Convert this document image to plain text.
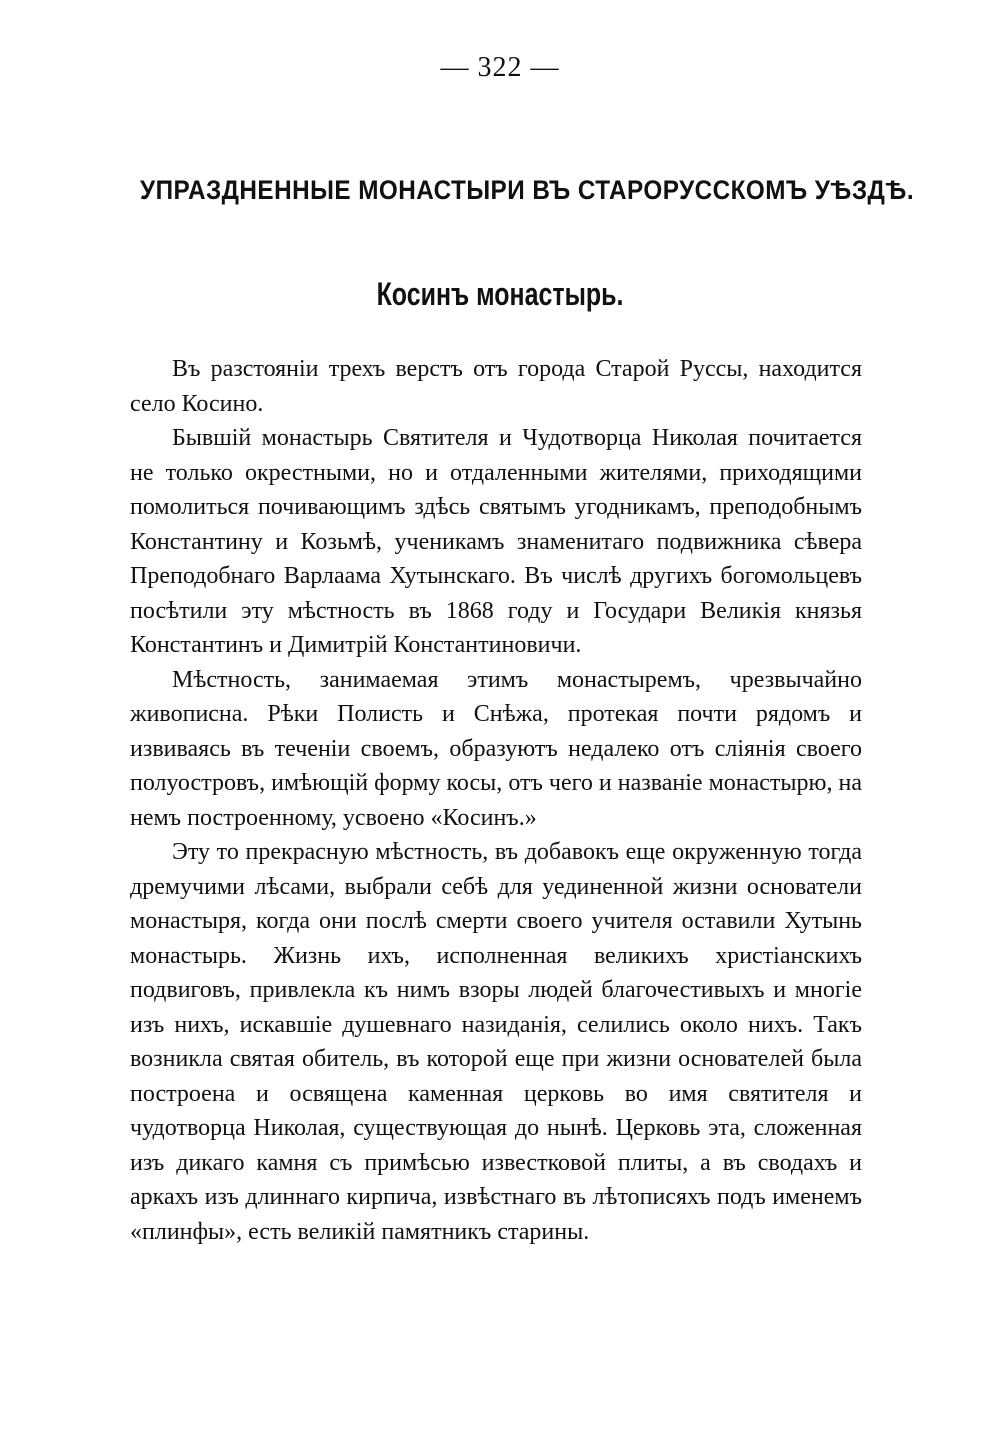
— 322 —
УПРАЗДНЕННЫЕ МОНАСТЫРИ ВЪ СТАРОРУССКОМЪ УѢЗДѢ.
Косинъ монастырь.

Въ разстояніи трехъ верстъ отъ города Старой Руссы, находится село Косино.

Бывшій монастырь Святителя и Чудотворца Николая почитается не только окрестными, но и отдаленными жителями, приходящими помолиться почивающимъ здѣсь святымъ угодникамъ, преподобнымъ Константину и Козьмѣ, ученикамъ знаменитаго подвижника сѣвера Преподобнаго Варлаама Хутынскаго. Въ числѣ другихъ богомольцевъ посѣтили эту мѣстность въ 1868 году и Государи Великія князья Константинъ и Димитрій Константиновичи.

Мѣстность, занимаемая этимъ монастыремъ, чрезвычайно живописна. Рѣки Полисть и Снѣжа, протекая почти рядомъ и извиваясь въ теченіи своемъ, образуютъ недалеко отъ сліянія своего полуостровъ, имѣющій форму косы, отъ чего и названіе монастырю, на немъ построенному, усвоено «Косинъ.»

Эту то прекрасную мѣстность, въ добавокъ еще окруженную тогда дремучими лѣсами, выбрали себѣ для уединенной жизни основатели монастыря, когда они послѣ смерти своего учителя оставили Хутынь монастырь. Жизнь ихъ, исполненная великихъ христіанскихъ подвиговъ, привлекла къ нимъ взоры людей благочестивыхъ и многіе изъ нихъ, искавшіе душевнаго назиданія, селились около нихъ. Такъ возникла святая обитель, въ которой еще при жизни основателей была построена и освящена каменная церковь во имя святителя и чудотворца Николая, существующая до нынѣ. Церковь эта, сложенная изъ дикаго камня съ примѣсью известковой плиты, а въ сводахъ и аркахъ изъ длиннаго кирпича, извѣстнаго въ лѣтописяхъ подъ именемъ «плинфы», есть великій памятникъ старины.
